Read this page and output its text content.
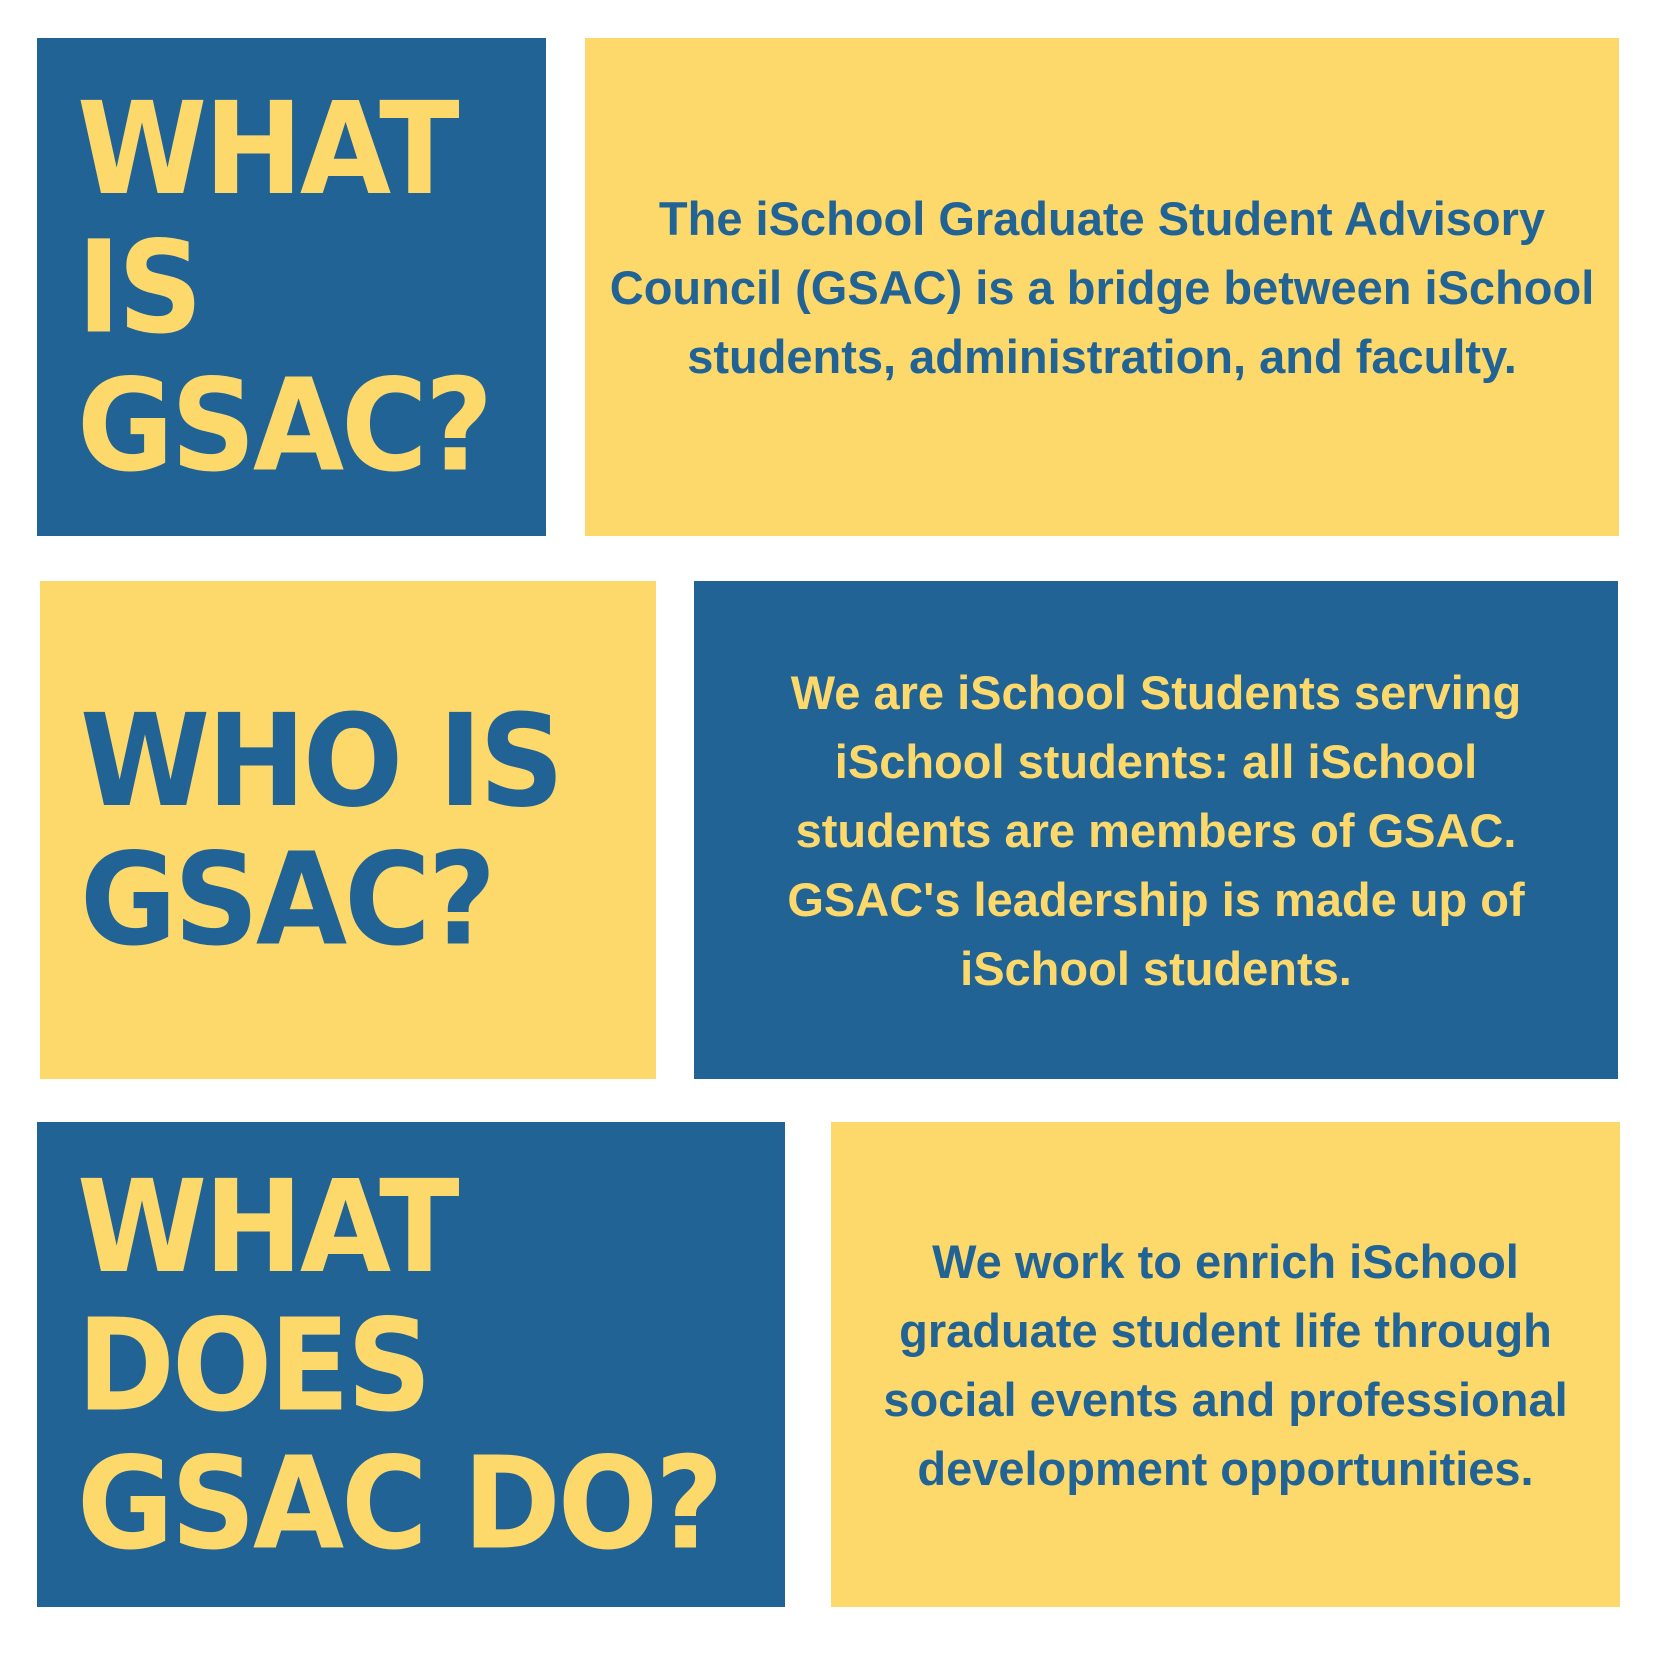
WHAT
IS
GSAC?
The iSchool Graduate Student Advisory Council (GSAC) is a bridge between iSchool students, administration, and faculty.
WHO IS
GSAC?
We are iSchool Students serving iSchool students: all iSchool students are members of GSAC. GSAC's leadership is made up of iSchool students.
WHAT
DOES
GSAC DO?
We work to enrich iSchool graduate student life through social events and professional development opportunities.
